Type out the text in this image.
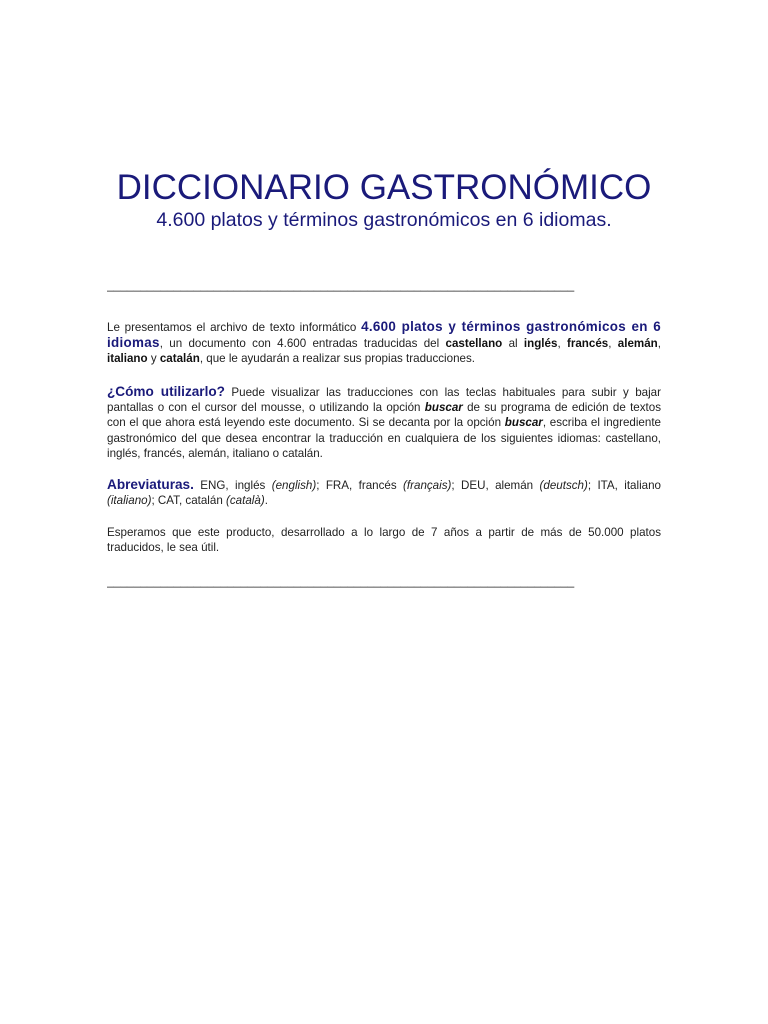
DICCIONARIO GASTRONÓMICO
4.600 platos y términos gastronómicos en 6 idiomas.
______________________________________________________________________

Le presentamos el archivo de texto informático 4.600 platos y términos gastronómicos en 6 idiomas, un documento con 4.600 entradas traducidas del castellano al inglés, francés, alemán, italiano y catalán, que le ayudarán a realizar sus propias traducciones.

¿Cómo utilizarlo? Puede visualizar las traducciones con las teclas habituales para subir y bajar pantallas o con el cursor del mousse, o utilizando la opción buscar de su programa de edición de textos con el que ahora está leyendo este documento. Si se decanta por la opción buscar, escriba el ingrediente gastronómico del que desea encontrar la traducción en cualquiera de los siguientes idiomas: castellano, inglés, francés, alemán, italiano o catalán.

Abreviaturas. ENG, inglés (english); FRA, francés (français); DEU, alemán (deutsch); ITA, italiano (italiano); CAT, catalán (català).

Esperamos que este producto, desarrollado a lo largo de 7 años a partir de más de 50.000 platos traducidos, le sea útil.

______________________________________________________________________
